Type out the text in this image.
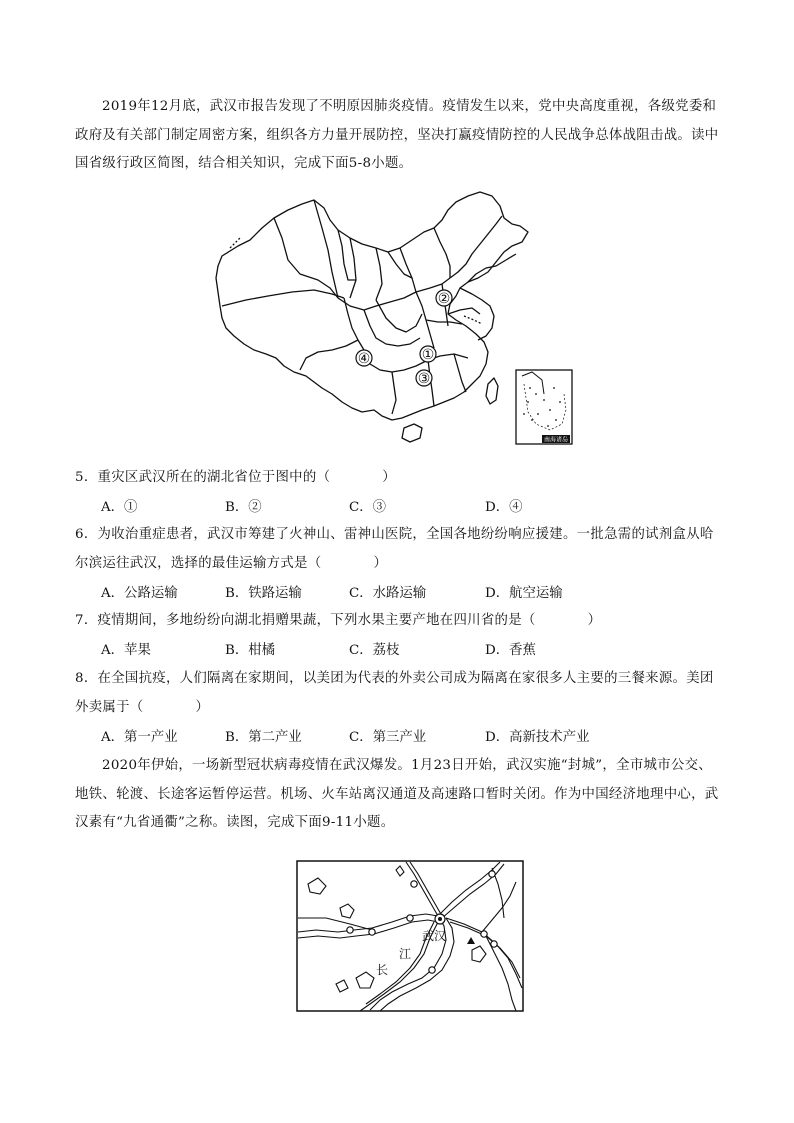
2019年12月底，武汉市报告发现了不明原因肺炎疫情。疫情发生以来，党中央高度重视，各级党委和政府及有关部门制定周密方案，组织各方力量开展防控，坚决打赢疫情防控的人民战争总体战阻击战。读中国省级行政区简图，结合相关知识，完成下面5-8小题。

②
①
③
④
南海诸岛

5．重灾区武汉所在的湖北省位于图中的（	）

A．①	B．②	C．③	D．④

6．为收治重症患者，武汉市筹建了火神山、雷神山医院，全国各地纷纷响应援建。一批急需的试剂盒从哈尔滨运往武汉，选择的最佳运输方式是（	）

A．公路运输	B．铁路运输	C．水路运输	D．航空运输

7．疫情期间，多地纷纷向湖北捐赠果蔬，下列水果主要产地在四川省的是（	）

A．苹果	B．柑橘	C．荔枝	D．香蕉

8．在全国抗疫，人们隔离在家期间，以美团为代表的外卖公司成为隔离在家很多人主要的三餐来源。美团外卖属于（	）

A．第一产业	B．第二产业	C．第三产业	D．高新技术产业

2020年伊始，一场新型冠状病毒疫情在武汉爆发。1月23日开始，武汉实施“封城”，全市城市公交、地铁、轮渡、长途客运暂停运营。机场、火车站离汉通道及高速路口暂时关闭。作为中国经济地理中心，武汉素有“九省通衢”之称。读图，完成下面9-11小题。

武汉
江
长
